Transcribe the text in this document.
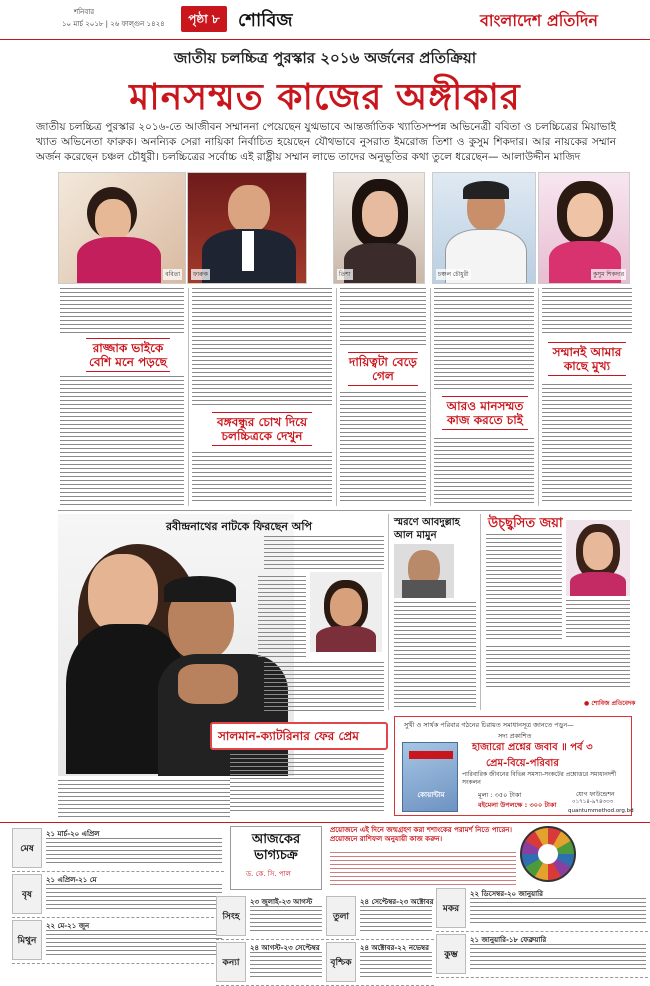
শনিবার
১০ মার্চ ২০১৮ | ২৬ ফাল্গুন ১৪২৪	পৃষ্ঠা ৮	শোবিজ	বাংলাদেশ প্রতিদিন
জাতীয় চলচ্চিত্র পুরস্কার ২০১৬ অর্জনের প্রতিক্রিয়া
মানসম্মত কাজের অঙ্গীকার
জাতীয় চলচ্চিত্র পুরস্কার ২০১৬-তে আজীবন সম্মাননা পেয়েছেন যুগ্মভাবে আন্তর্জাতিক খ্যাতিসম্পন্ন অভিনেত্রী ববিতা ও চলচ্চিত্রের মিয়াভাই খ্যাত অভিনেতা ফারুক। অনন্যিক সেরা নায়িকা নির্বাচিত হয়েছেন যৌথভাবে নুসরাত ইমরোজ তিশা ও কুসুম শিকদার। আর নায়কের সম্মান অর্জন করেছেন চঞ্চল চৌধুরী। চলচ্চিত্রের সর্বোচ্চ এই রাষ্ট্রীয় সম্মান লাভে তাদের অনুভূতির কথা তুলে ধরেছেন— আলাউদ্দীন মাজিদ
ববিতা	ফারুক	তিশা	চঞ্চল চৌধুরী	কুসুম শিকদার
রাজ্জাক ভাইকে বেশি মনে পড়ছে
বঙ্গবন্ধুর চোখ দিয়ে চলচ্চিত্রকে দেখুন
দায়িত্বটা বেড়ে গেল
আরও মানসম্মত কাজ করতে চাই
সম্মানই আমার কাছে মুখ্য
রবীন্দ্রনাথের নাটকে ফিরছেন অপি	স্মরণে আবদুল্লাহ আল মামুন
উচ্ছ্বসিত জয়া
● শোবিজ প্রতিবেদক
সালমান-ক্যাটরিনার ফের প্রেম
সুখী ও সার্থক পরিবার গঠনের চিরায়ত সমাধানসূত্র জানতে পড়ুন—
সদ্য প্রকাশিত
হাজারো প্রশ্নের জবাব ॥ পর্ব ৩
প্রেম-বিয়ে-পরিবার
পারিবারিক জীবনের বিভিন্ন সমস্যা-সংকটের প্রশ্নোত্তরে সমাধানদর্শী সংকলন
কোয়ান্টাম	মূল্য : ৩৫০ টাকা
বইমেলা উপলক্ষে : ৩০০ টাকা
যোগ ফাউন্ডেশন
০১৭১৪-৯৭৪৩৩৩
quantummethod.org.bd
আজকের ভাগ্যচক্র
ড. কে. সি. পাল
প্রয়োজনে এই দিনে জন্মগ্রহণ করা শশাংকের পরামর্শ নিতে পারেন। প্রয়োজনে রাশিফল অনুযায়ী কাজ করুন।
মেষ
২১ মার্চ-২০ এপ্রিল
বৃষ
২১ এপ্রিল-২১ মে
মিথুন
২২ মে-২১ জুন
সিংহ
২৩ জুলাই-২৩ আগস্ট
কন্যা
২৪ আগস্ট-২৩ সেপ্টেম্বর
তুলা
২৪ সেপ্টেম্বর-২৩ অক্টোবর
বৃশ্চিক
২৪ অক্টোবর-২২ নভেম্বর
মকর
২২ ডিসেম্বর-২০ জানুয়ারি
কুম্ভ
২১ জানুয়ারি-১৮ ফেব্রুয়ারি
